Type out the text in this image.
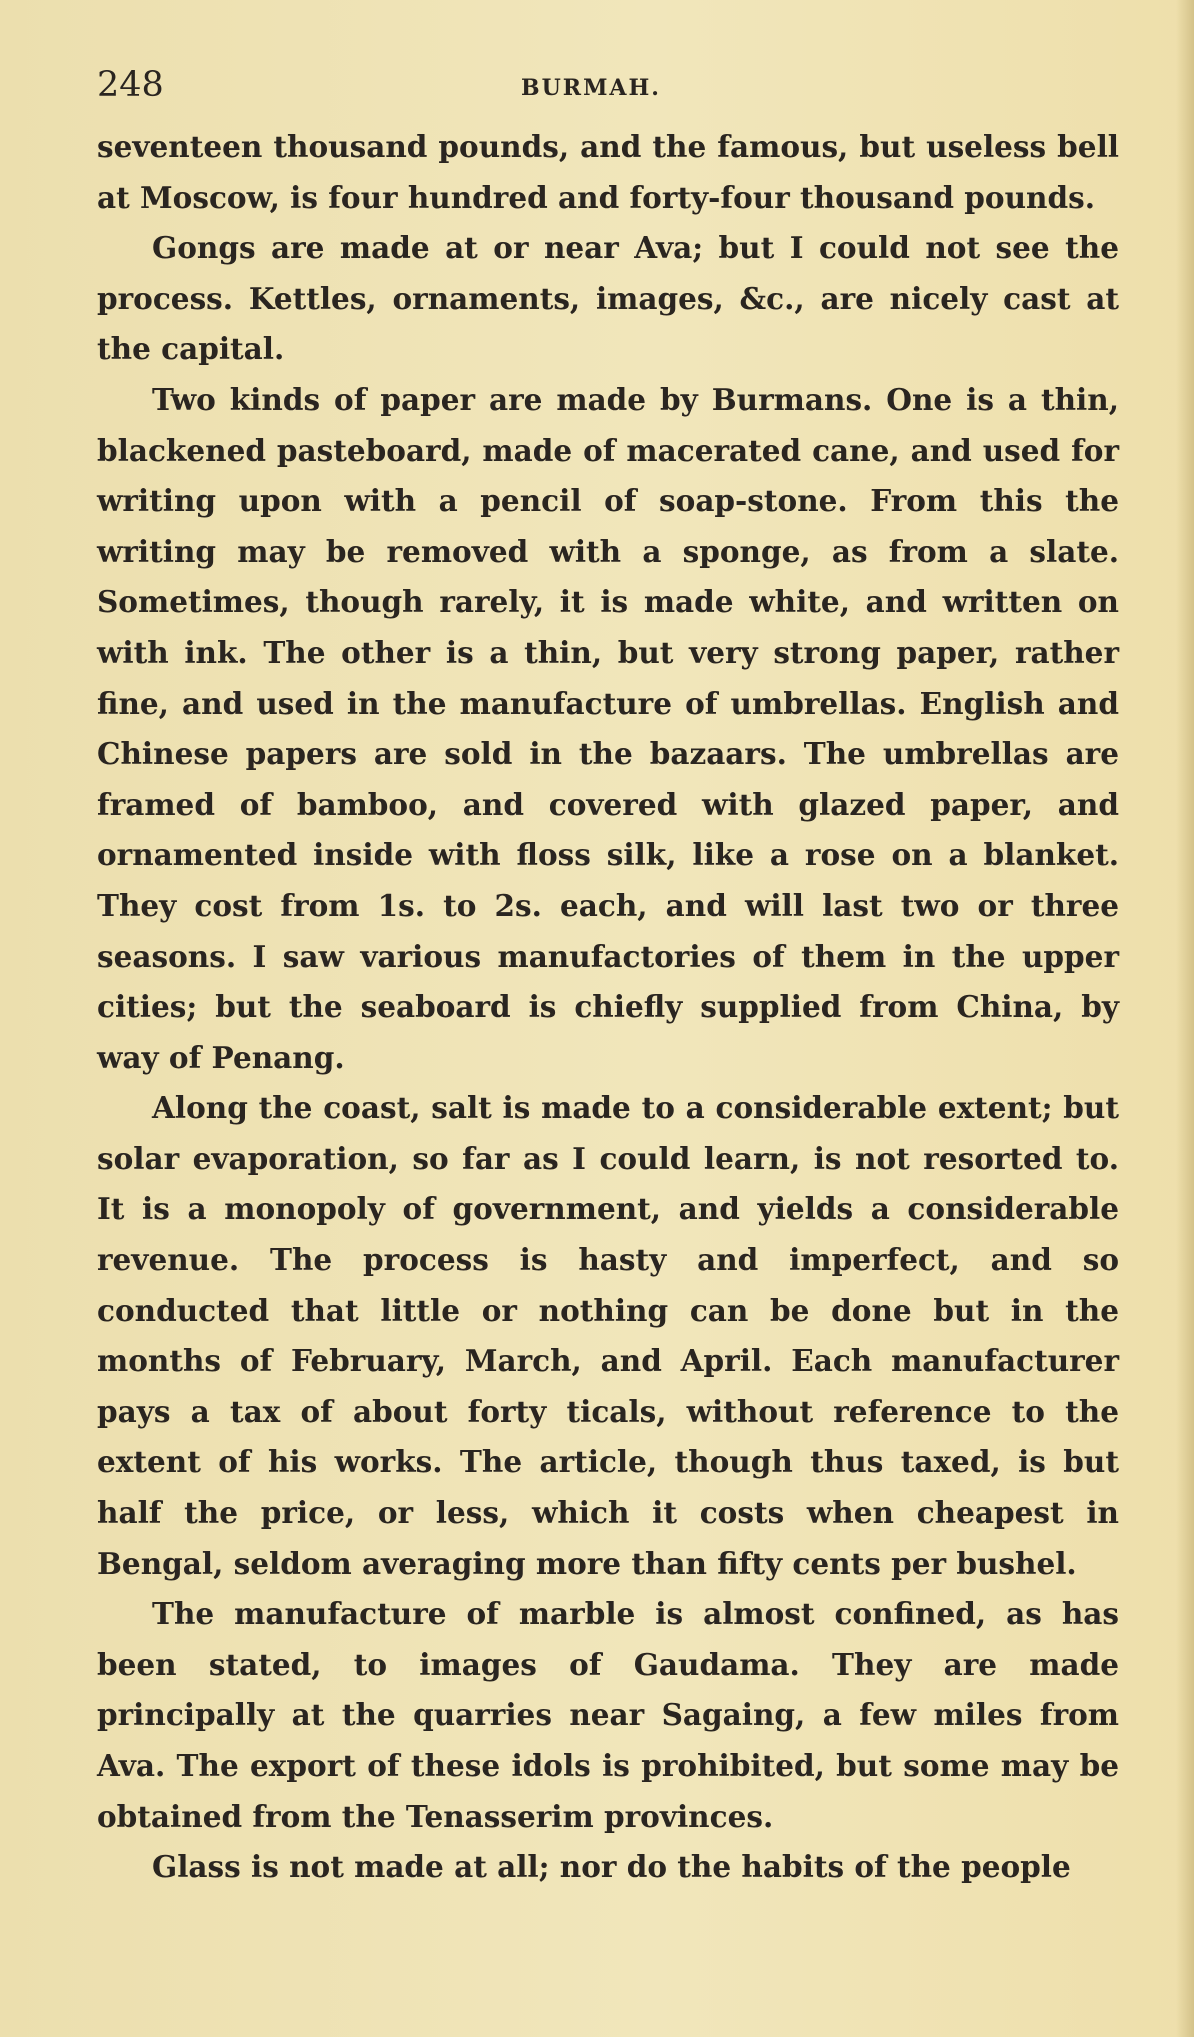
248	BURMAH.

seventeen thousand pounds, and the famous, but useless bell at Moscow, is four hundred and forty-four thousand pounds.

Gongs are made at or near Ava; but I could not see the process. Kettles, ornaments, images, &c., are nicely cast at the capital.

Two kinds of paper are made by Burmans. One is a thin, blackened pasteboard, made of macerated cane, and used for writing upon with a pencil of soap-stone. From this the writing may be removed with a sponge, as from a slate. Sometimes, though rarely, it is made white, and written on with ink. The other is a thin, but very strong paper, rather fine, and used in the manufacture of umbrellas. English and Chinese papers are sold in the bazaars. The umbrellas are framed of bamboo, and covered with glazed paper, and ornamented inside with floss silk, like a rose on a blanket. They cost from 1s. to 2s. each, and will last two or three seasons. I saw various manufactories of them in the upper cities; but the seaboard is chiefly supplied from China, by way of Penang.

Along the coast, salt is made to a considerable extent; but solar evaporation, so far as I could learn, is not resorted to. It is a monopoly of government, and yields a considerable revenue. The process is hasty and imperfect, and so conducted that little or nothing can be done but in the months of February, March, and April. Each manufacturer pays a tax of about forty ticals, without reference to the extent of his works. The article, though thus taxed, is but half the price, or less, which it costs when cheapest in Bengal, seldom averaging more than fifty cents per bushel.

The manufacture of marble is almost confined, as has been stated, to images of Gaudama. They are made principally at the quarries near Sagaing, a few miles from Ava. The export of these idols is prohibited, but some may be obtained from the Tenasserim provinces.

Glass is not made at all; nor do the habits of the people
